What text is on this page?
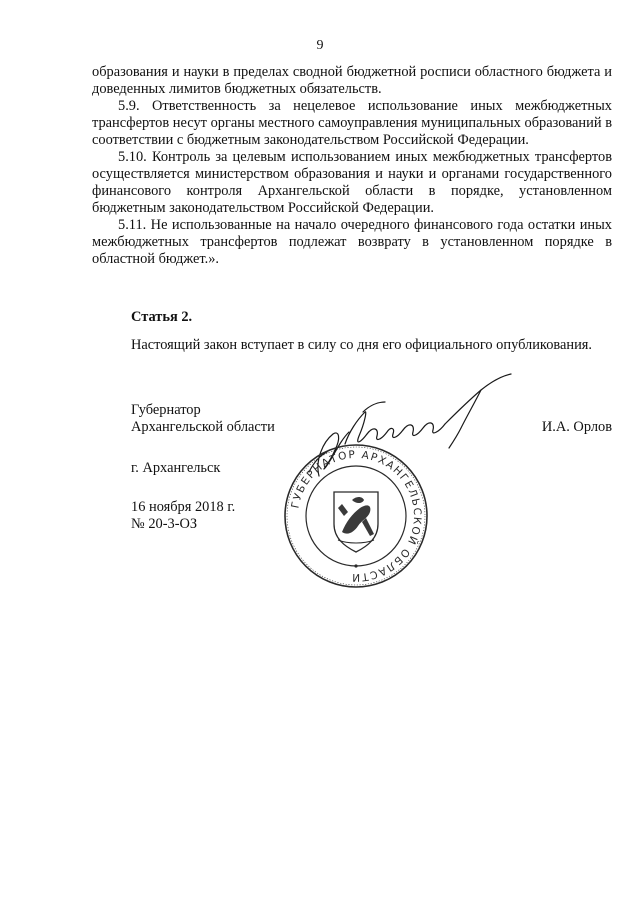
9

образования и науки в пределах сводной бюджетной росписи областного бюджета и доведенных лимитов бюджетных обязательств.

5.9. Ответственность за нецелевое использование иных межбюджетных трансфертов несут органы местного самоуправления муниципальных образований в соответствии с бюджетным законодательством Российской Федерации.

5.10. Контроль за целевым использованием иных межбюджетных трансфертов осуществляется министерством образования и науки и органами государственного финансового контроля Архангельской области в порядке, установленном бюджетным законодательством Российской Федерации.

5.11. Не использованные на начало очередного финансового года остатки иных межбюджетных трансфертов подлежат возврату в установленном порядке в областной бюджет.».

Статья 2.

Настоящий закон вступает в силу со дня его официального опубликования.

Губернатор
Архангельской области	И.А. Орлов
ГУБЕРНАТОР АРХАНГЕЛЬСКОЙ ОБЛАСТИ
г. Архангельск
16 ноября 2018 г.
№ 20-3-ОЗ
